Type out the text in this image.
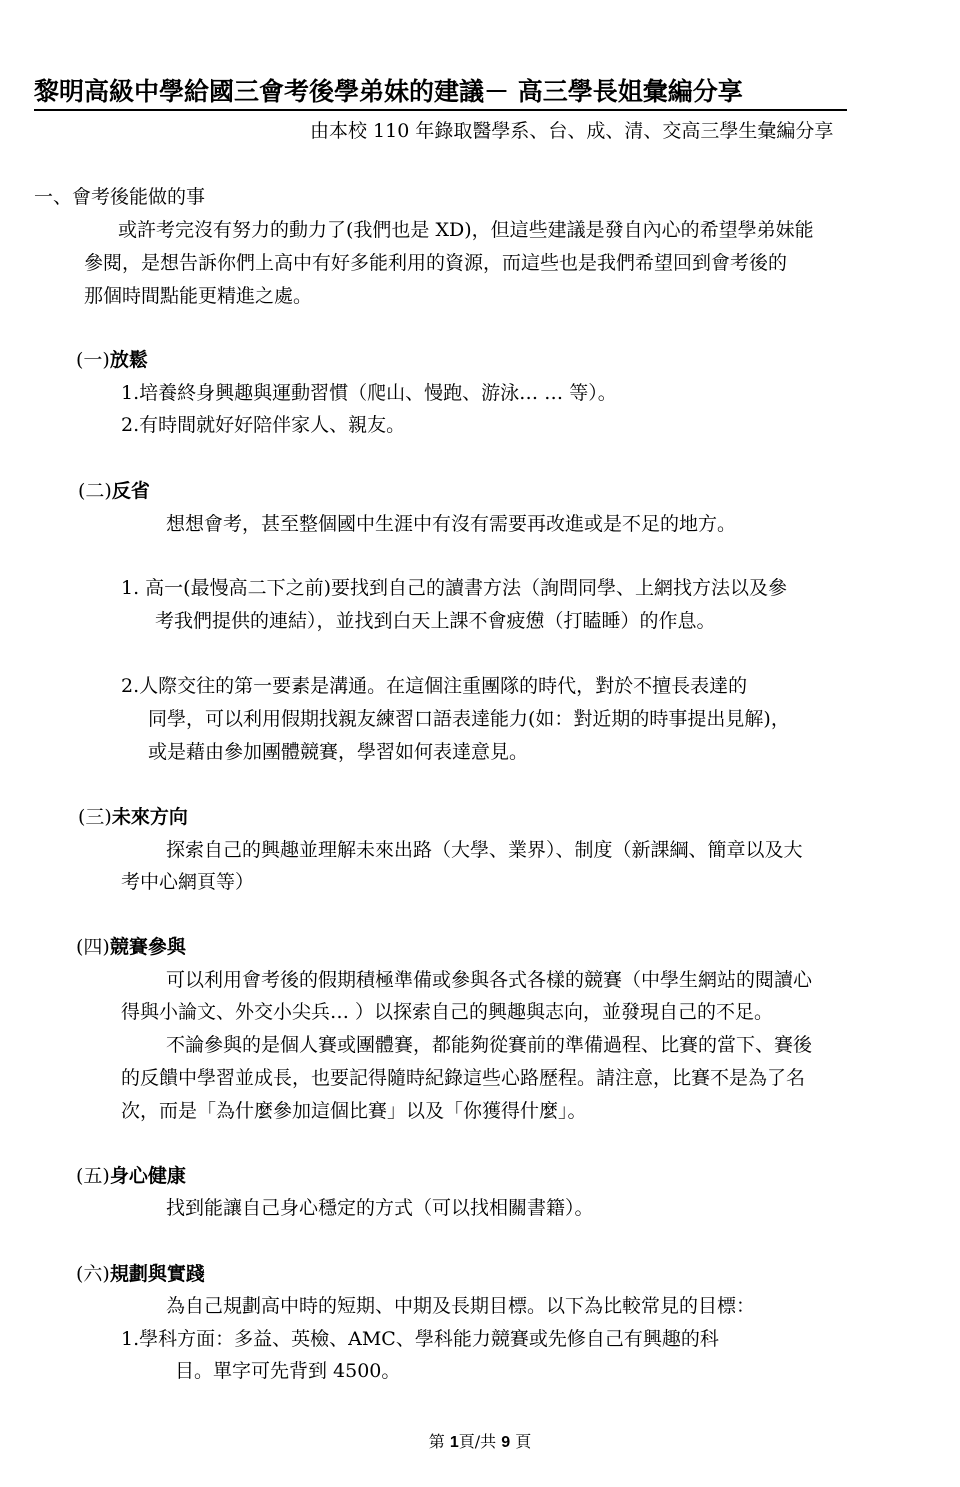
黎明高級中學給國三會考後學弟妹的建議－ 高三學長姐彙編分享
由本校 110 年錄取醫學系、台、成、清、交高三學生彙編分享
一、會考後能做的事
或許考完沒有努力的動力了(我們也是 XD)，但這些建議是發自內心的希望學弟妹能
參閱，是想告訴你們上高中有好多能利用的資源，而這些也是我們希望回到會考後的
那個時間點能更精進之處。
(一)放鬆
1.培養終身興趣與運動習慣（爬山、慢跑、游泳… … 等）。
2.有時間就好好陪伴家人、親友。
(二)反省
想想會考，甚至整個國中生涯中有沒有需要再改進或是不足的地方。
1. 高一(最慢高二下之前)要找到自己的讀書方法（詢問同學、上網找方法以及參
考我們提供的連結），並找到白天上課不會疲憊（打瞌睡）的作息。
2.人際交往的第一要素是溝通。在這個注重團隊的時代，對於不擅長表達的
同學，可以利用假期找親友練習口語表達能力(如：對近期的時事提出見解)，
或是藉由參加團體競賽，學習如何表達意見。
(三)未來方向
探索自己的興趣並理解未來出路（大學、業界）、制度（新課綱、簡章以及大
考中心網頁等）
(四)競賽參與
可以利用會考後的假期積極準備或參與各式各樣的競賽（中學生網站的閱讀心
得與小論文、外交小尖兵… ）以探索自己的興趣與志向，並發現自己的不足。
不論參與的是個人賽或團體賽，都能夠從賽前的準備過程、比賽的當下、賽後
的反饋中學習並成長，也要記得隨時紀錄這些心路歷程。請注意，比賽不是為了名
次，而是「為什麼參加這個比賽」以及「你獲得什麼」。
(五)身心健康
找到能讓自己身心穩定的方式（可以找相關書籍）。
(六)規劃與實踐
為自己規劃高中時的短期、中期及長期目標。以下為比較常見的目標：
1.學科方面：多益、英檢、AMC、學科能力競賽或先修自己有興趣的科
目。單字可先背到 4500。
第 1頁/共 9 頁
